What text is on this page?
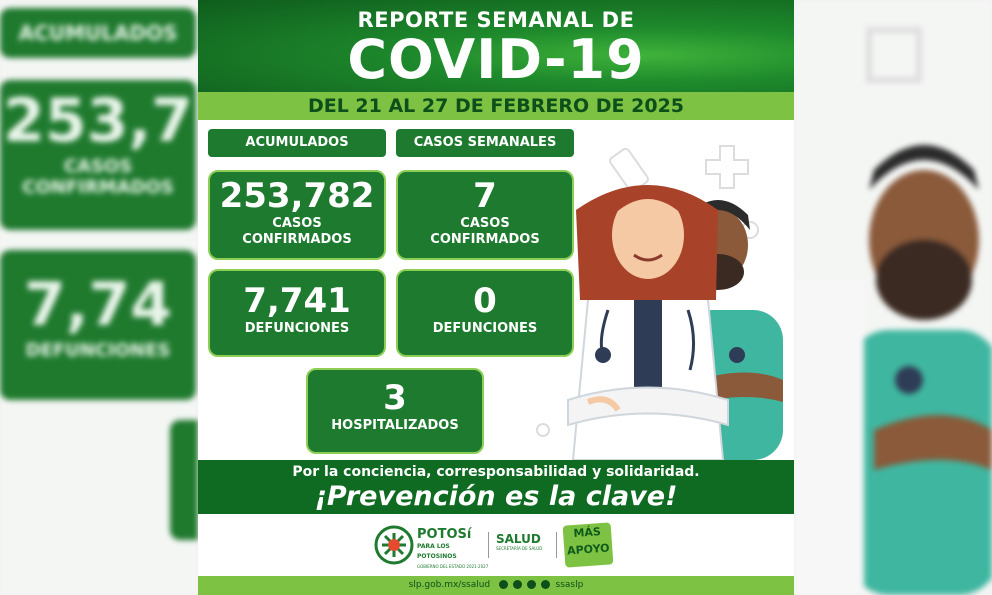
ACUMULADOS
253,7
CASOS
CONFIRMADOS
7,74
DEFUNCIONES
REPORTE SEMANAL DE
COVID-19
DEL 21 AL 27 DE FEBRERO DE 2025
ACUMULADOS	CASOS SEMANALES
253,782
CASOS
CONFIRMADOS
7
CASOS
CONFIRMADOS
7,741
DEFUNCIONES
0
DEFUNCIONES
3
HOSPITALIZADOS
Por la conciencia, corresponsabilidad y solidaridad.
¡Prevención es la clave!
POTOSí
PARA LOS POTOSINOS
GOBIERNO DEL ESTADO 2021-2027
SALUD
SECRETARÍA DE SALUD
MÁS
APOYO
slp.gob.mx/ssalud	ssaslp
